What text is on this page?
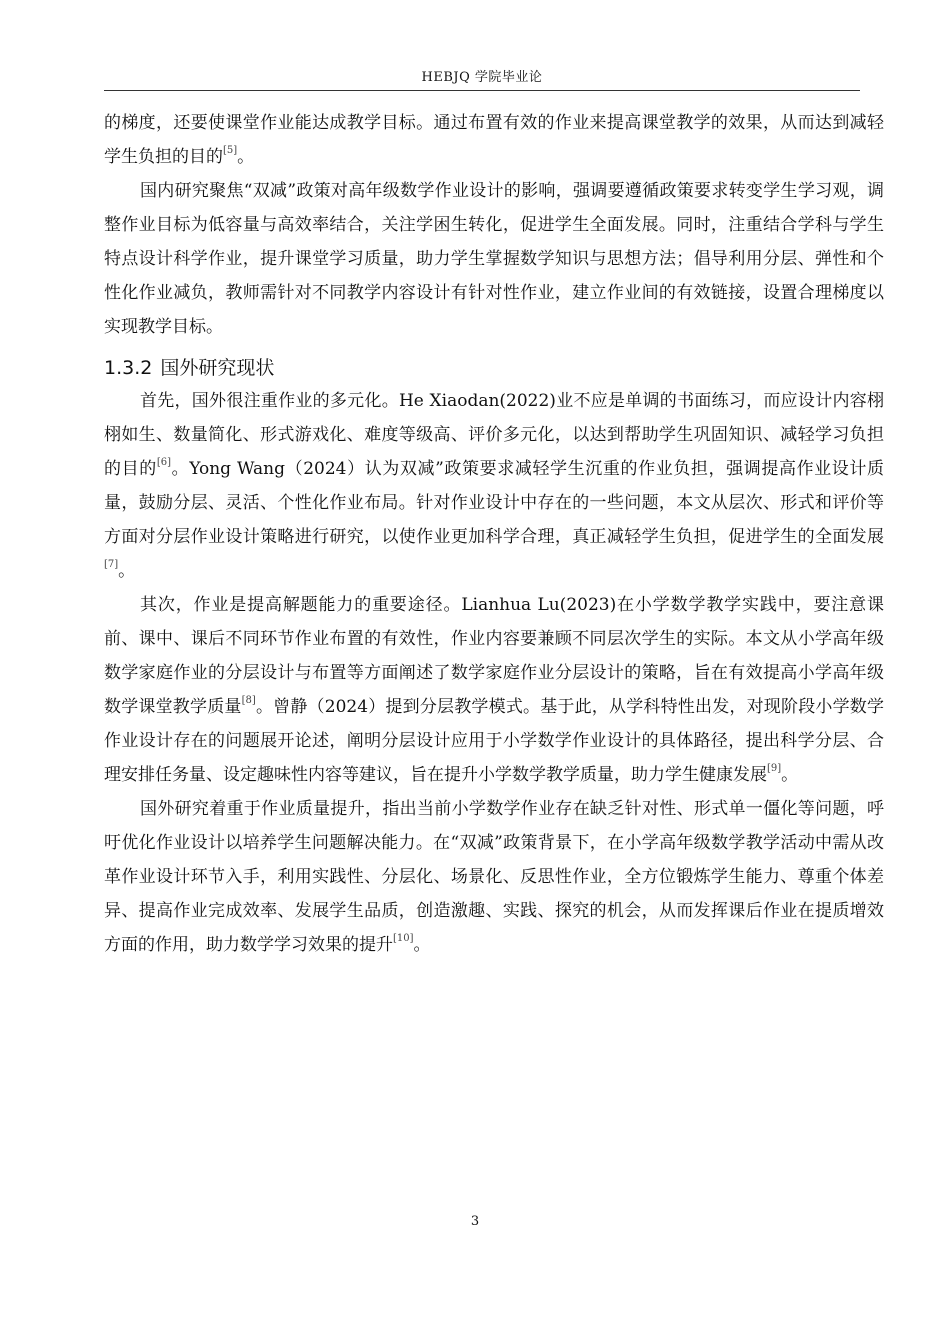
HEBJQ 学院毕业论

的梯度，还要使课堂作业能达成教学目标。通过布置有效的作业来提高课堂教学的效果，从而达到减轻学生负担的目的[5]。

国内研究聚焦“双减”政策对高年级数学作业设计的影响，强调要遵循政策要求转变学生学习观，调整作业目标为低容量与高效率结合，关注学困生转化，促进学生全面发展。同时，注重结合学科与学生特点设计科学作业，提升课堂学习质量，助力学生掌握数学知识与思想方法；倡导利用分层、弹性和个性化作业减负，教师需针对不同教学内容设计有针对性作业，建立作业间的有效链接，设置合理梯度以实现教学目标。

1.3.2 国外研究现状

首先，国外很注重作业的多元化。He Xiaodan(2022)业不应是单调的书面练习，而应设计内容栩栩如生、数量简化、形式游戏化、难度等级高、评价多元化，以达到帮助学生巩固知识、减轻学习负担的目的[6]。Yong Wang（2024）认为双减”政策要求减轻学生沉重的作业负担，强调提高作业设计质量，鼓励分层、灵活、个性化作业布局。针对作业设计中存在的一些问题，本文从层次、形式和评价等方面对分层作业设计策略进行研究，以使作业更加科学合理，真正减轻学生负担，促进学生的全面发展[7]。

其次，作业是提高解题能力的重要途径。Lianhua Lu(2023)在小学数学教学实践中，要注意课前、课中、课后不同环节作业布置的有效性，作业内容要兼顾不同层次学生的实际。本文从小学高年级数学家庭作业的分层设计与布置等方面阐述了数学家庭作业分层设计的策略，旨在有效提高小学高年级数学课堂教学质量[8]。曾静（2024）提到分层教学模式。基于此，从学科特性出发，对现阶段小学数学作业设计存在的问题展开论述，阐明分层设计应用于小学数学作业设计的具体路径，提出科学分层、合理安排任务量、设定趣味性内容等建议，旨在提升小学数学教学质量，助力学生健康发展[9]。

国外研究着重于作业质量提升，指出当前小学数学作业存在缺乏针对性、形式单一僵化等问题，呼吁优化作业设计以培养学生问题解决能力。在“双减”政策背景下，在小学高年级数学教学活动中需从改革作业设计环节入手，利用实践性、分层化、场景化、反思性作业，全方位锻炼学生能力、尊重个体差异、提高作业完成效率、发展学生品质，创造激趣、实践、探究的机会，从而发挥课后作业在提质增效方面的作用，助力数学学习效果的提升[10]。

3
